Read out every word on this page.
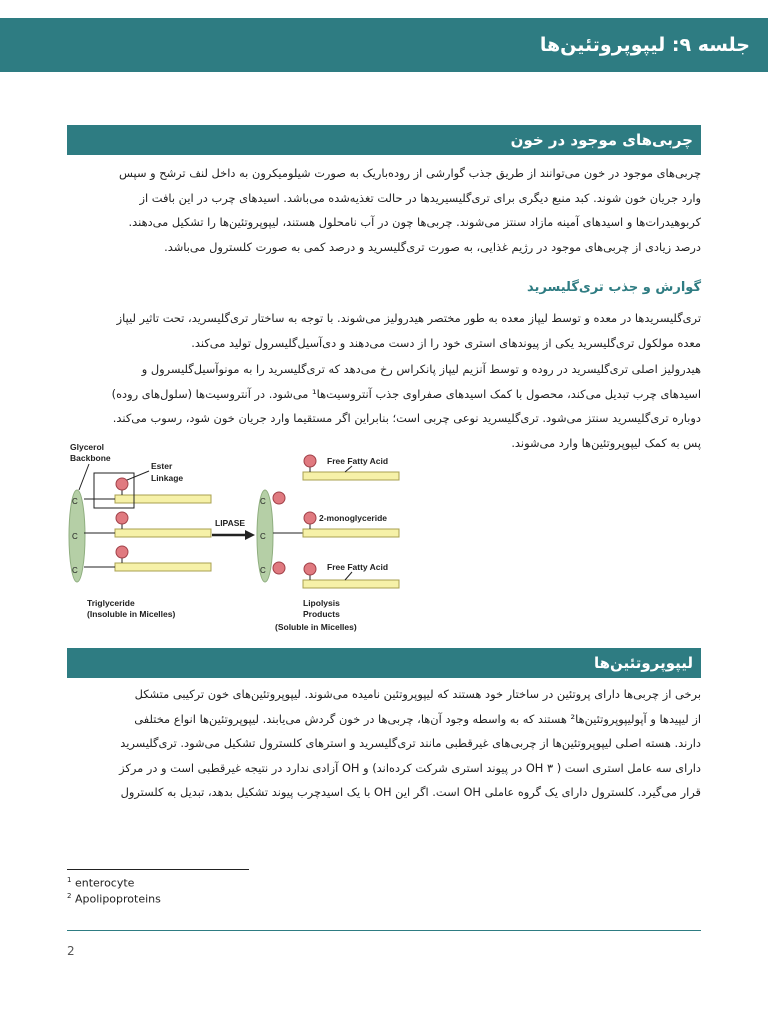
جلسه ۹: لیپوپروتئین‌ها
چربی‌های موجود در خون
چربی‌های موجود در خون می‌توانند از طریق جذب گوارشی از روده‌باریک به صورت شیلومیکرون به داخل لنف ترشح و سپس
وارد جریان خون شوند. کبد منبع دیگری برای تری‌گلیسیریدها در حالت تغذیه‌شده می‌باشد. اسیدهای چرب در این بافت از
کربوهیدرات‌ها و اسیدهای آمینه مازاد سنتز می‌شوند. چربی‌ها چون در آب نامحلول هستند، لیپوپروتئین‌ها را تشکیل می‌دهند.
درصد زیادی از چربی‌های موجود در رژیم غذایی، به صورت تری‌گلیسرید و درصد کمی به صورت کلسترول می‌باشد.
گوارش و جذب تری‌گلیسرید
تری‌گلیسریدها در معده و توسط لیپاز معده به طور مختصر هیدرولیز می‌شوند. با توجه به ساختار تری‌گلیسرید، تحت تاثیر لیپاز
معده مولکول تری‌گلیسرید یکی از پیوندهای استری خود را از دست می‌دهند و دی‌آسیل‌گلیسرول تولید می‌کند.
هیدرولیز اصلی تری‌گلیسرید در روده و توسط آنزیم لیپاز پانکراس رخ می‌دهد که تری‌گلیسرید را به مونوآسیل‌گلیسرول و
اسیدهای چرب تبدیل می‌کند، محصول با کمک اسیدهای صفراوی جذب آنتروسیت‌ها¹ می‌شود. در آنتروسیت‌ها (سلول‌های روده)
دوباره تری‌گلیسرید سنتز می‌شود. تری‌گلیسرید نوعی چربی است؛ بنابراین اگر مستقیما وارد جریان خون شود، رسوب می‌کند.
پس به کمک لیپوپروتئین‌ها وارد می‌شوند.
C
C
C
Glycerol
Backbone
Ester
Linkage
Triglyceride
(Insoluble in Micelles)
LIPASE
C
C
C
Free Fatty Acid
2-monoglyceride
Free Fatty Acid
Lipolysis
Products
(Soluble in Micelles)
لیپوپروتئین‌ها
برخی از چربی‌ها دارای پروتئین در ساختار خود هستند که لیپوپروتئین نامیده می‌شوند. لیپوپروتئین‌های خون ترکیبی متشکل
از لیپیدها و آپولیپوپروتئین‌ها² هستند که به واسطه وجود آن‌ها، چربی‌ها در خون گردش می‌یابند. لیپوپروتئین‌ها انواع مختلفی
دارند. هسته اصلی لیپوپروتئین‌ها از چربی‌های غیرقطبی مانند تری‌گلیسرید و استرهای کلسترول تشکیل می‌شود. تری‌گلیسرید
دارای سه عامل استری است ( ۳ OH در پیوند استری شرکت کرده‌اند) و OH آزادی ندارد در نتیجه غیرقطبی است و در مرکز
قرار می‌گیرد. کلسترول دارای یک گروه عاملی OH است. اگر این OH با یک اسیدچرب پیوند تشکیل بدهد، تبدیل به کلسترول
$^1$ enterocyte
$^2$ Apolipoproteins
2
